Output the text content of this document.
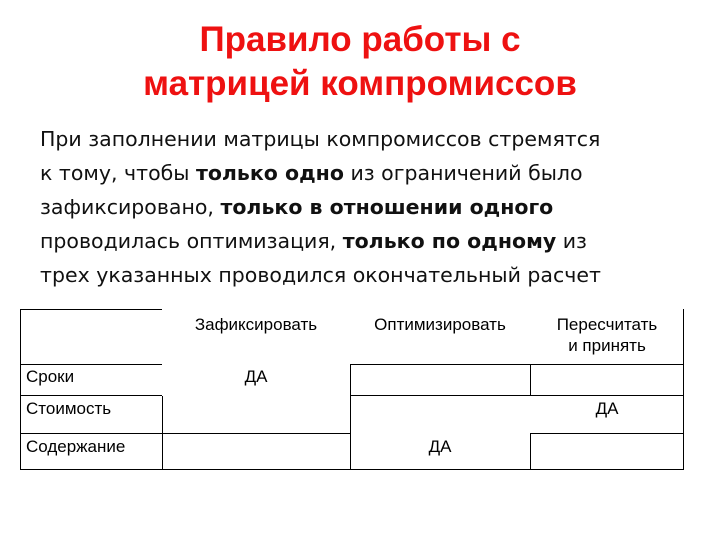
Правило работы с
матрицей компромиссов
При заполнении матрицы компромиссов стремятся
к тому, чтобы только одно из ограничений было
зафиксировано, только в отношении одного
проводилась оптимизация, только по одному из
трех указанных проводился окончательный расчет
Зафиксировать	Оптимизировать	Пересчитать
и принять
Сроки
Стоимость
Содержание
ДА
ДА
ДА
